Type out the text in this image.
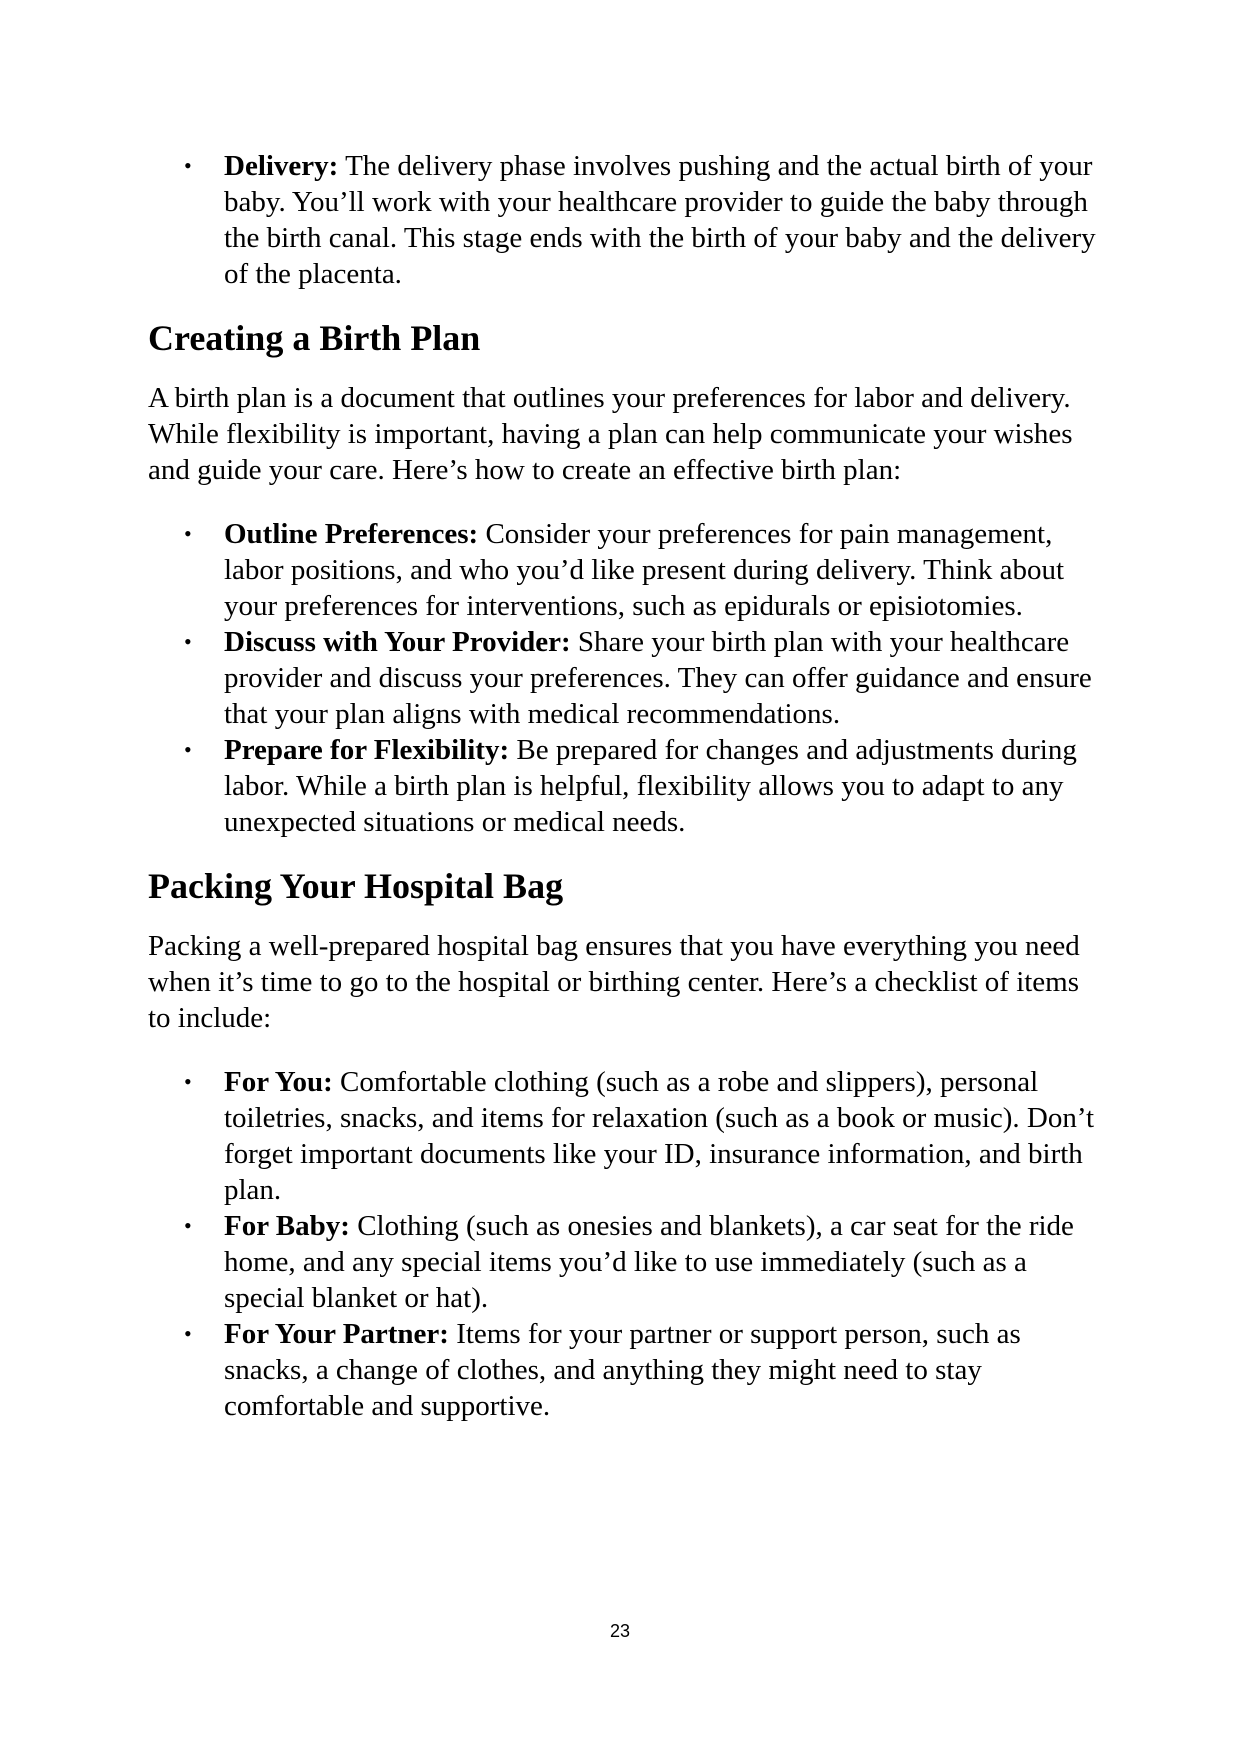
• Delivery: The delivery phase involves pushing and the actual birth of your baby. You’ll work with your healthcare provider to guide the baby through the birth canal. This stage ends with the birth of your baby and the delivery of the placenta.
Creating a Birth Plan

A birth plan is a document that outlines your preferences for labor and delivery. While flexibility is important, having a plan can help communicate your wishes and guide your care. Here’s how to create an effective birth plan:

• Outline Preferences: Consider your preferences for pain management, labor positions, and who you’d like present during delivery. Think about your preferences for interventions, such as epidurals or episiotomies.
• Discuss with Your Provider: Share your birth plan with your healthcare provider and discuss your preferences. They can offer guidance and ensure that your plan aligns with medical recommendations.
• Prepare for Flexibility: Be prepared for changes and adjustments during labor. While a birth plan is helpful, flexibility allows you to adapt to any unexpected situations or medical needs.
Packing Your Hospital Bag

Packing a well-prepared hospital bag ensures that you have everything you need when it’s time to go to the hospital or birthing center. Here’s a checklist of items to include:

• For You: Comfortable clothing (such as a robe and slippers), personal toiletries, snacks, and items for relaxation (such as a book or music). Don’t forget important documents like your ID, insurance information, and birth plan.
• For Baby: Clothing (such as onesies and blankets), a car seat for the ride home, and any special items you’d like to use immediately (such as a special blanket or hat).
• For Your Partner: Items for your partner or support person, such as snacks, a change of clothes, and anything they might need to stay comfortable and supportive.
23
